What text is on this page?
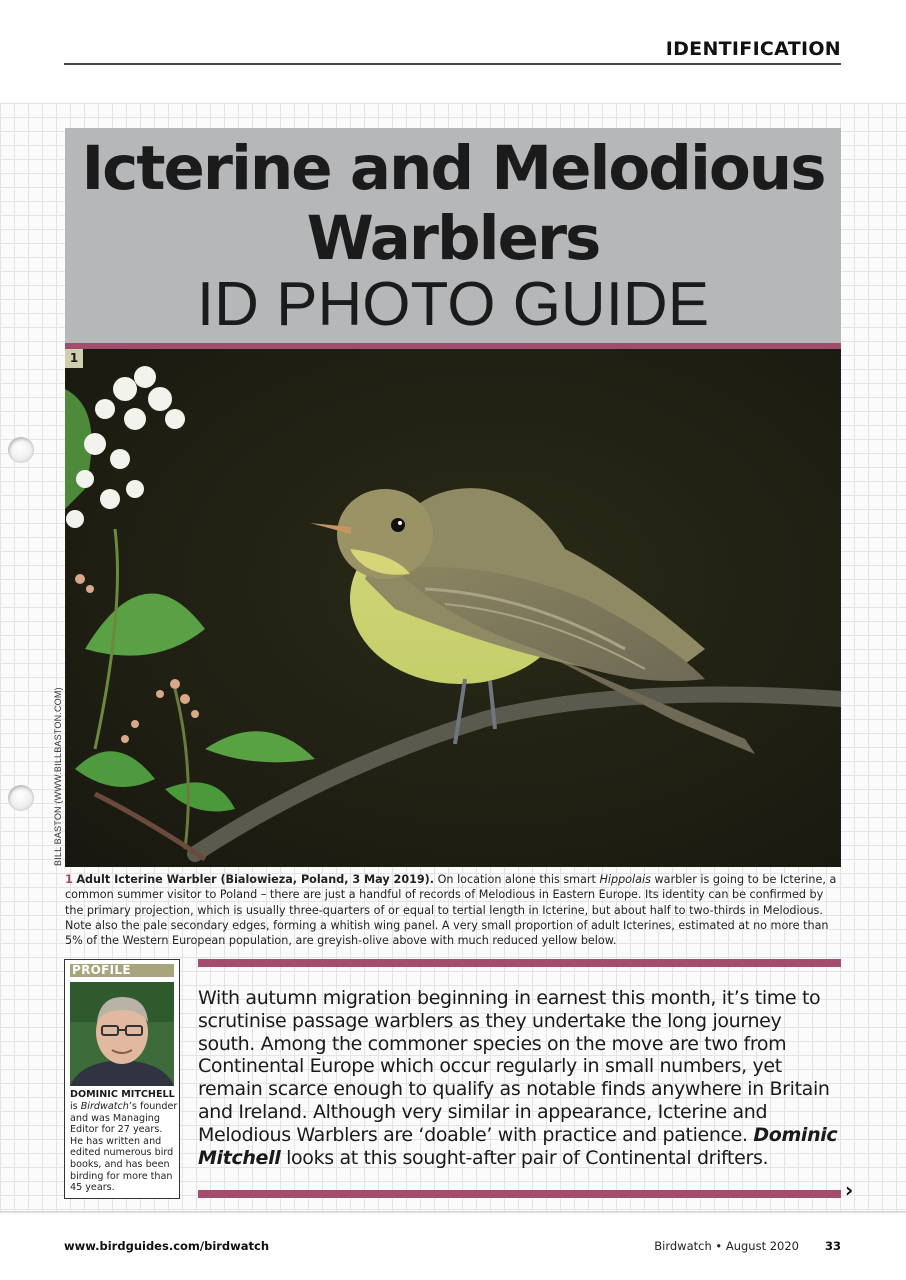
IDENTIFICATION
Icterine and Melodious
Warblers
ID PHOTO GUIDE
1
BILL BASTON (WWW.BILLBASTON.COM)
1 Adult Icterine Warbler (Bialowieza, Poland, 3 May 2019). On location alone this smart Hippolais warbler is going to be Icterine, a common summer visitor to Poland – there are just a handful of records of Melodious in Eastern Europe. Its identity can be confirmed by the primary projection, which is usually three-quarters of or equal to tertial length in Icterine, but about half to two-thirds in Melodious. Note also the pale secondary edges, forming a whitish wing panel. A very small proportion of adult Icterines, estimated at no more than 5% of the Western European population, are greyish-olive above with much reduced yellow below.
PROFILE
DOMINIC MITCHELL
is Birdwatch’s founder and was Managing Editor for 27 years. He has written and edited numerous bird books, and has been birding for more than 45 years.
With autumn migration beginning in earnest this month, it’s time to scrutinise passage warblers as they undertake the long journey south. Among the commoner species on the move are two from Continental Europe which occur regularly in small numbers, yet remain scarce enough to qualify as notable finds anywhere in Britain and Ireland. Although very similar in appearance, Icterine and Melodious Warblers are ‘doable’ with practice and patience. Dominic Mitchell looks at this sought-after pair of Continental drifters.
›
www.birdguides.com/birdwatch	Birdwatch • August 2020 33
